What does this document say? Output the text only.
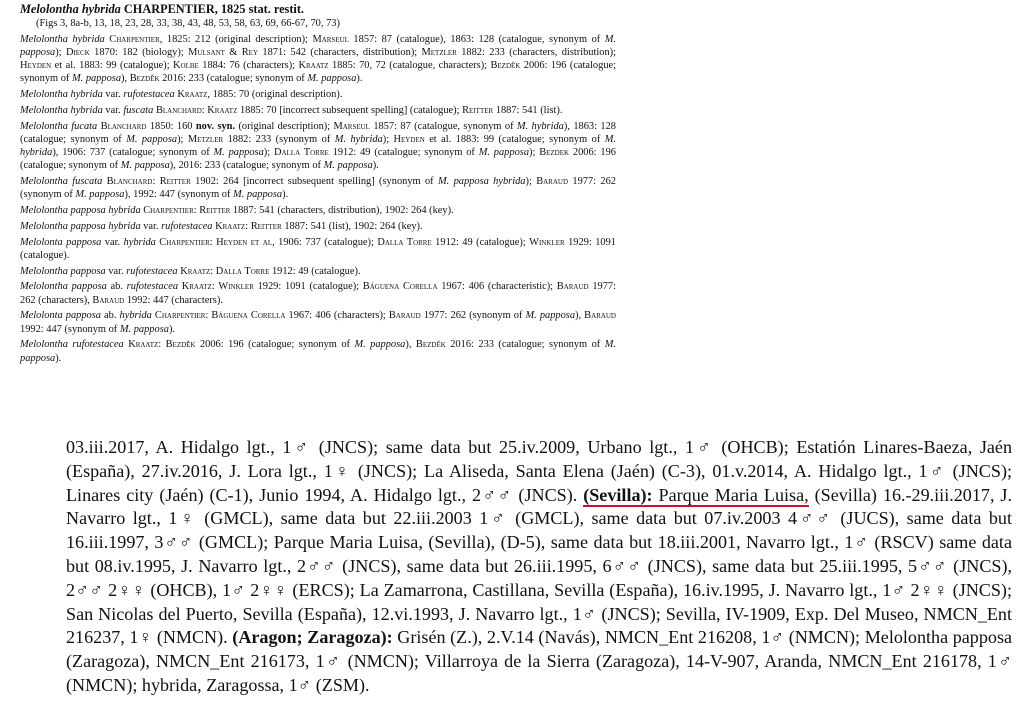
Melolontha hybrida CHARPENTIER, 1825 stat. restit.
(Figs 3, 8a-b, 13, 18, 23, 28, 33, 38, 43, 48, 53, 58, 63, 69, 66-67, 70, 73)
Melolontha hybrida Charpentier, 1825: 212 (original description); Marseul 1857: 87 (catalogue), 1863: 128 (catalogue, synonym of M. papposa); Dieck 1870: 182 (biology); Mulsant & Rey 1871: 542 (characters, distribution); Metzler 1882: 233 (characters, distribution); Heyden et al. 1883: 99 (catalogue); Kolbe 1884: 76 (characters); Kraatz 1885: 70, 72 (catalogue, characters); Bezděk 2006: 196 (catalogue; synonym of M. papposa), Bezděk 2016: 233 (catalogue; synonym of M. papposa).
Melolontha hybrida var. rufotestacea Kraatz, 1885: 70 (original description).
Melolontha hybrida var. fuscata Blanchard: Kraatz 1885: 70 [incorrect subsequent spelling] (catalogue); Reitter 1887: 541 (list).
Melolontha fucata Blanchard 1850: 160 nov. syn. (original description); Marseul 1857: 87 (catalogue, synonym of M. hybrida), 1863: 128 (catalogue; synonym of M. papposa); Metzler 1882: 233 (synonym of M. hybrida); Heyden et al. 1883: 99 (catalogue; synonym of M. hybrida), 1906: 737 (catalogue; synonym of M. papposa); Dalla Torre 1912: 49 (catalogue; synonym of M. papposa); Bezdek 2006: 196 (catalogue; synonym of M. papposa), 2016: 233 (catalogue; synonym of M. papposa).
Melolontha fuscata Blanchard: Reitter 1902: 264 [incorrect subsequent spelling] (synonym of M. papposa hybrida); Baraud 1977: 262 (synonym of M. papposa), 1992: 447 (synonym of M. papposa).
Melolontha papposa hybrida Charpentier: Reitter 1887: 541 (characters, distribution), 1902: 264 (key).
Melolontha papposa hybrida var. rufotestacea Kraatz: Reitter 1887: 541 (list), 1902: 264 (key).
Melolonta papposa var. hybrida Charpentier: Heyden et al, 1906: 737 (catalogue); Dalla Torre 1912: 49 (catalogue); Winkler 1929: 1091 (catalogue).
Melolontha papposa var. rufotestacea Kraatz: Dalla Torre 1912: 49 (catalogue).
Melolontha papposa ab. rufotestacea Kraatz: Winkler 1929: 1091 (catalogue); Báguena Corella 1967: 406 (characteristic); Baraud 1977: 262 (characters), Baraud 1992: 447 (characters).
Melolonta papposa ab. hybrida Charpentier: Báguena Corella 1967: 406 (characters); Baraud 1977: 262 (synonym of M. papposa), Baraud 1992: 447 (synonym of M. papposa).
Melolontha rufotestacea Kraatz: Bezděk 2006: 196 (catalogue; synonym of M. papposa), Bezděk 2016: 233 (catalogue; synonym of M. papposa).

03.iii.2017, A. Hidalgo lgt., 1♂ (JNCS); same data but 25.iv.2009, Urbano lgt., 1♂ (OHCB); Estatión Linares-Baeza, Jaén (España), 27.iv.2016, J. Lora lgt., 1♀ (JNCS); La Aliseda, Santa Elena (Jaén) (C-3), 01.v.2014, A. Hidalgo lgt., 1♂ (JNCS); Linares city (Jaén) (C-1), Junio 1994, A. Hidalgo lgt., 2♂♂ (JNCS). (Sevilla): Parque Maria Luisa, (Sevilla) 16.-29.iii.2017, J. Navarro lgt., 1♀ (GMCL), same data but 22.iii.2003 1♂ (GMCL), same data but 07.iv.2003 4♂♂ (JUCS), same data but 16.iii.1997, 3♂♂ (GMCL); Parque Maria Luisa, (Sevilla), (D-5), same data but 18.iii.2001, Navarro lgt., 1♂ (RSCV) same data but 08.iv.1995, J. Navarro lgt., 2♂♂ (JNCS), same data but 26.iii.1995, 6♂♂ (JNCS), same data but 25.iii.1995, 5♂♂ (JNCS), 2♂♂ 2♀♀ (OHCB), 1♂ 2♀♀ (ERCS); La Zamarrona, Castillana, Sevilla (España), 16.iv.1995, J. Navarro lgt., 1♂ 2♀♀ (JNCS); San Nicolas del Puerto, Sevilla (España), 12.vi.1993, J. Navarro lgt., 1♂ (JNCS); Sevilla, IV-1909, Exp. Del Museo, NMCN_Ent 216237, 1♀ (NMCN). (Aragon; Zaragoza): Grisén (Z.), 2.V.14 (Navás), NMCN_Ent 216208, 1♂ (NMCN); Melolontha papposa (Zaragoza), NMCN_Ent 216173, 1♂ (NMCN); Villarroya de la Sierra (Zaragoza), 14-V-907, Aranda, NMCN_Ent 216178, 1♂ (NMCN); hybrida, Zaragossa, 1♂ (ZSM).
